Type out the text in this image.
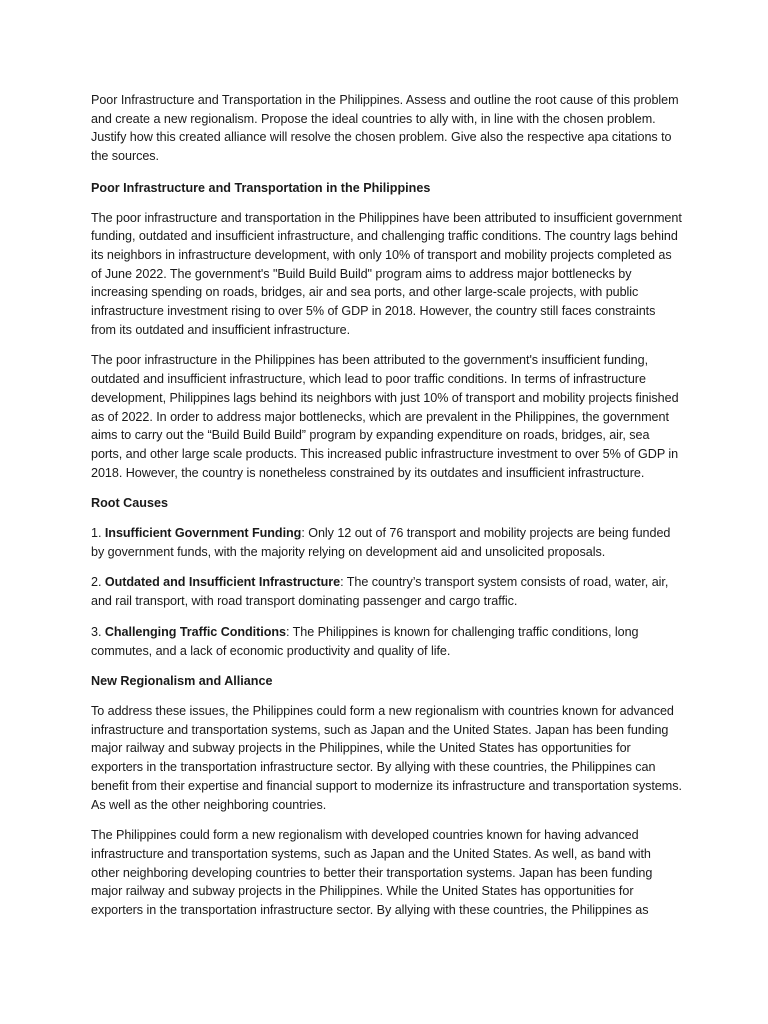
Poor Infrastructure and Transportation in the Philippines. Assess and outline the root cause of this problem and create a new regionalism. Propose the ideal countries to ally with, in line with the chosen problem. Justify how this created alliance will resolve the chosen problem. Give also the respective apa citations to the sources.

Poor Infrastructure and Transportation in the Philippines

The poor infrastructure and transportation in the Philippines have been attributed to insufficient government funding, outdated and insufficient infrastructure, and challenging traffic conditions. The country lags behind its neighbors in infrastructure development, with only 10% of transport and mobility projects completed as of June 2022. The government's "Build Build Build" program aims to address major bottlenecks by increasing spending on roads, bridges, air and sea ports, and other large-scale projects, with public infrastructure investment rising to over 5% of GDP in 2018. However, the country still faces constraints from its outdated and insufficient infrastructure.

The poor infrastructure in the Philippines has been attributed to the government's insufficient funding, outdated and insufficient infrastructure, which lead to poor traffic conditions. In terms of infrastructure development, Philippines lags behind its neighbors with just 10% of transport and mobility projects finished as of 2022. In order to address major bottlenecks, which are prevalent in the Philippines, the government aims to carry out the “Build Build Build” program by expanding expenditure on roads, bridges, air, sea ports, and other large scale products. This increased public infrastructure investment to over 5% of GDP in 2018. However, the country is nonetheless constrained by its outdates and insufficient infrastructure.

Root Causes

1. Insufficient Government Funding: Only 12 out of 76 transport and mobility projects are being funded by government funds, with the majority relying on development aid and unsolicited proposals.

2. Outdated and Insufficient Infrastructure: The country’s transport system consists of road, water, air, and rail transport, with road transport dominating passenger and cargo traffic.

3. Challenging Traffic Conditions: The Philippines is known for challenging traffic conditions, long commutes, and a lack of economic productivity and quality of life.

New Regionalism and Alliance

To address these issues, the Philippines could form a new regionalism with countries known for advanced infrastructure and transportation systems, such as Japan and the United States. Japan has been funding major railway and subway projects in the Philippines, while the United States has opportunities for exporters in the transportation infrastructure sector. By allying with these countries, the Philippines can benefit from their expertise and financial support to modernize its infrastructure and transportation systems. As well as the other neighboring countries.

The Philippines could form a new regionalism with developed countries known for having advanced infrastructure and transportation systems, such as Japan and the United States. As well, as band with other neighboring developing countries to better their transportation systems. Japan has been funding major railway and subway projects in the Philippines. While the United States has opportunities for exporters in the transportation infrastructure sector. By allying with these countries, the Philippines as
